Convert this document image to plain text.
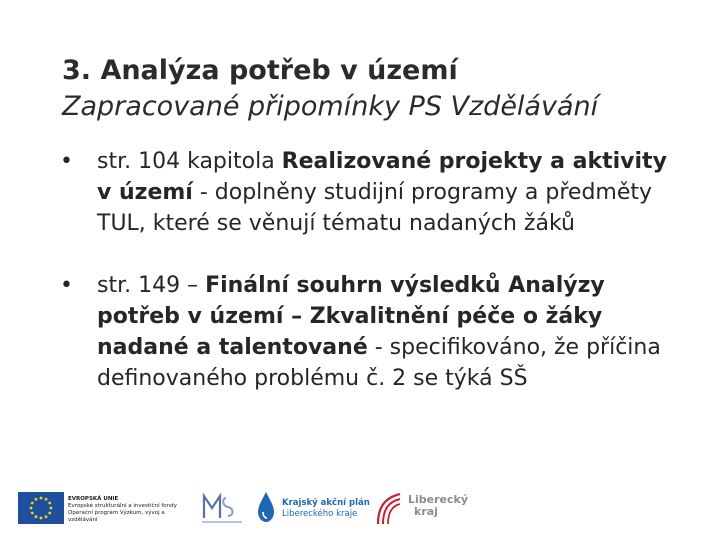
3. Analýza potřeb v území
Zapracované připomínky PS Vzdělávání
• str. 104 kapitola Realizované projekty a aktivity v území - doplněny studijní programy a předměty TUL, které se věnují tématu nadaných žáků
• str. 149 – Finální souhrn výsledků Analýzy potřeb v území – Zkvalitnění péče o žáky nadané a talentované - specifikováno, že příčina definovaného problému č. 2 se týká SŠ
EVROPSKÁ UNIE
Evropské strukturální a investiční fondy
Operační program Výzkum, vývoj a vzdělávání
Krajský akční plán
Libereckého kraje
Liberecký
kraj
